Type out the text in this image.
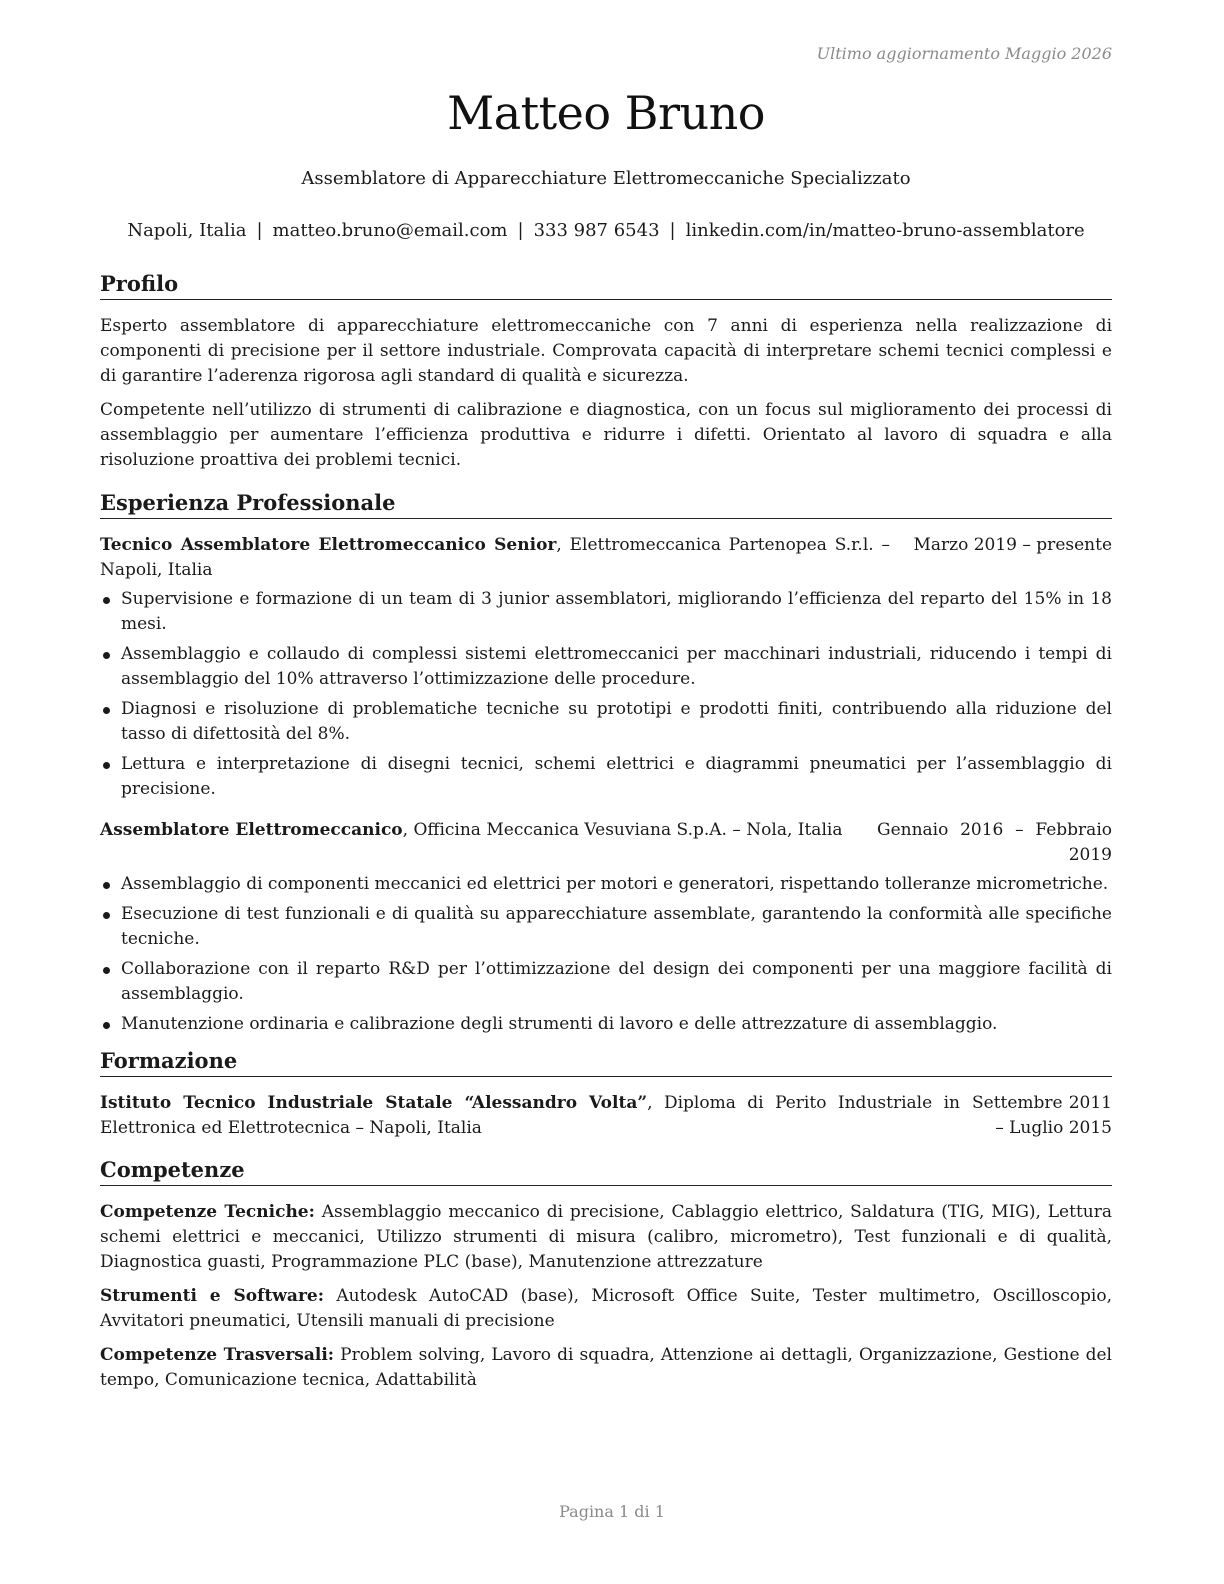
Ultimo aggiornamento Maggio 2026
Matteo Bruno
Assemblatore di Apparecchiature Elettromeccaniche Specializzato
Napoli, Italia | matteo.bruno@email.com | 333 987 6543 | linkedin.com/in/matteo-bruno-assemblatore
Profilo

Esperto assemblatore di apparecchiature elettromeccaniche con 7 anni di esperienza nella realizzazione di componenti di precisione per il settore industriale. Comprovata capacità di interpretare schemi tecnici complessi e di garantire l’aderenza rigorosa agli standard di qualità e sicurezza.

Competente nell’utilizzo di strumenti di calibrazione e diagnostica, con un focus sul miglioramento dei processi di assemblaggio per aumentare l’efficienza produttiva e ridurre i difetti. Orientato al lavoro di squadra e alla risoluzione proattiva dei problemi tecnici.

Esperienza Professionale
Tecnico Assemblatore Elettromeccanico Senior, Elettromeccanica Partenopea S.r.l. – Napoli, Italia
Marzo 2019 – presente
Supervisione e formazione di un team di 3 junior assemblatori, migliorando l’efficienza del reparto del 15% in 18 mesi.
Assemblaggio e collaudo di complessi sistemi elettromeccanici per macchinari industriali, riducendo i tempi di assemblaggio del 10% attraverso l’ottimizzazione delle procedure.
Diagnosi e risoluzione di problematiche tecniche su prototipi e prodotti finiti, contribuendo alla riduzione del tasso di difettosità del 8%.
Lettura e interpretazione di disegni tecnici, schemi elettrici e diagrammi pneumatici per l’assemblaggio di precisione.
Assemblatore Elettromeccanico, Officina Meccanica Vesuviana S.p.A. – Nola, Italia	Gennaio 2016 – Febbraio 2019
Assemblaggio di componenti meccanici ed elettrici per motori e generatori, rispettando tolleranze micrometriche.
Esecuzione di test funzionali e di qualità su apparecchiature assemblate, garantendo la conformità alle specifiche tecniche.
Collaborazione con il reparto R&D per l’ottimizzazione del design dei componenti per una maggiore facilità di assemblaggio.
Manutenzione ordinaria e calibrazione degli strumenti di lavoro e delle attrezzature di assemblaggio.
Formazione
Istituto Tecnico Industriale Statale “Alessandro Volta”, Diploma di Perito Industriale in Elettronica ed Elettrotecnica – Napoli, Italia
Settembre 2011 – Luglio 2015
Competenze

Competenze Tecniche: Assemblaggio meccanico di precisione, Cablaggio elettrico, Saldatura (TIG, MIG), Lettura schemi elettrici e meccanici, Utilizzo strumenti di misura (calibro, micrometro), Test funzionali e di qualità, Diagnostica guasti, Programmazione PLC (base), Manutenzione attrezzature

Strumenti e Software: Autodesk AutoCAD (base), Microsoft Office Suite, Tester multimetro, Oscilloscopio, Avvitatori pneumatici, Utensili manuali di precisione

Competenze Trasversali: Problem solving, Lavoro di squadra, Attenzione ai dettagli, Organizzazione, Gestione del tempo, Comunicazione tecnica, Adattabilità

Pagina 1 di 1
